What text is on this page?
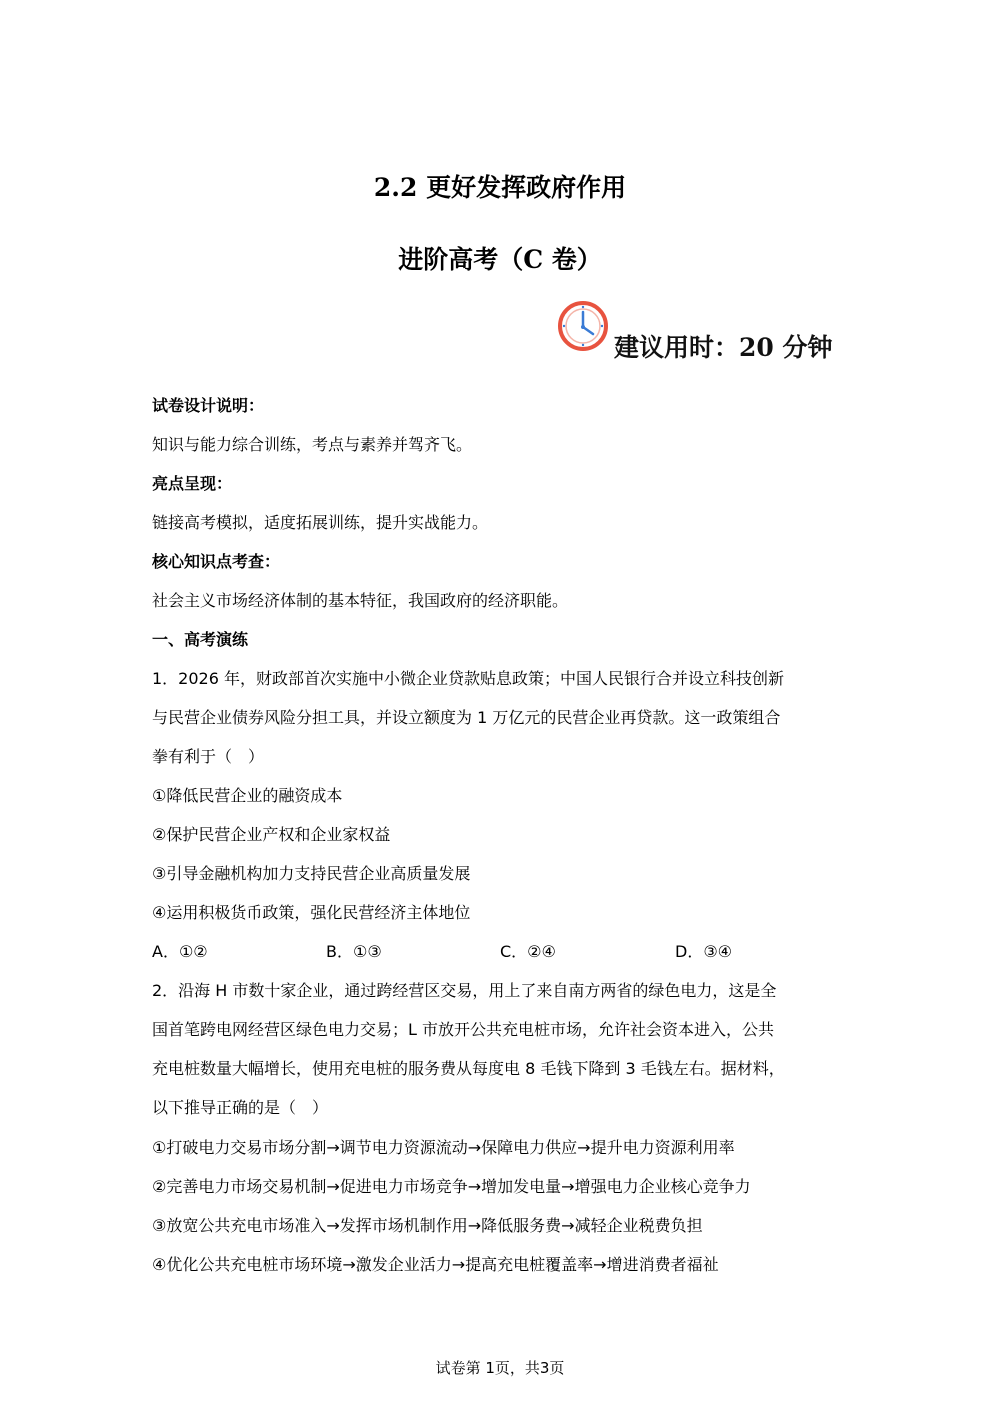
2.2 更好发挥政府作用
进阶高考（C 卷）
建议用时：20 分钟
试卷设计说明：
知识与能力综合训练，考点与素养并驾齐飞。
亮点呈现：
链接高考模拟，适度拓展训练，提升实战能力。
核心知识点考查：
社会主义市场经济体制的基本特征，我国政府的经济职能。
一、高考演练
1．2026 年，财政部首次实施中小微企业贷款贴息政策；中国人民银行合并设立科技创新
与民营企业债券风险分担工具，并设立额度为 1 万亿元的民营企业再贷款。这一政策组合
拳有利于（　）
①降低民营企业的融资成本
②保护民营企业产权和企业家权益
③引导金融机构加力支持民营企业高质量发展
④运用积极货币政策，强化民营经济主体地位
A．①②	B．①③	C．②④	D．③④
2．沿海 H 市数十家企业，通过跨经营区交易，用上了来自南方两省的绿色电力，这是全
国首笔跨电网经营区绿色电力交易；L 市放开公共充电桩市场，允许社会资本进入，公共
充电桩数量大幅增长，使用充电桩的服务费从每度电 8 毛钱下降到 3 毛钱左右。据材料，
以下推导正确的是（　）
①打破电力交易市场分割→调节电力资源流动→保障电力供应→提升电力资源利用率
②完善电力市场交易机制→促进电力市场竞争→增加发电量→增强电力企业核心竞争力
③放宽公共充电市场准入→发挥市场机制作用→降低服务费→减轻企业税费负担
④优化公共充电桩市场环境→激发企业活力→提高充电桩覆盖率→增进消费者福祉
试卷第 1页，共3页
